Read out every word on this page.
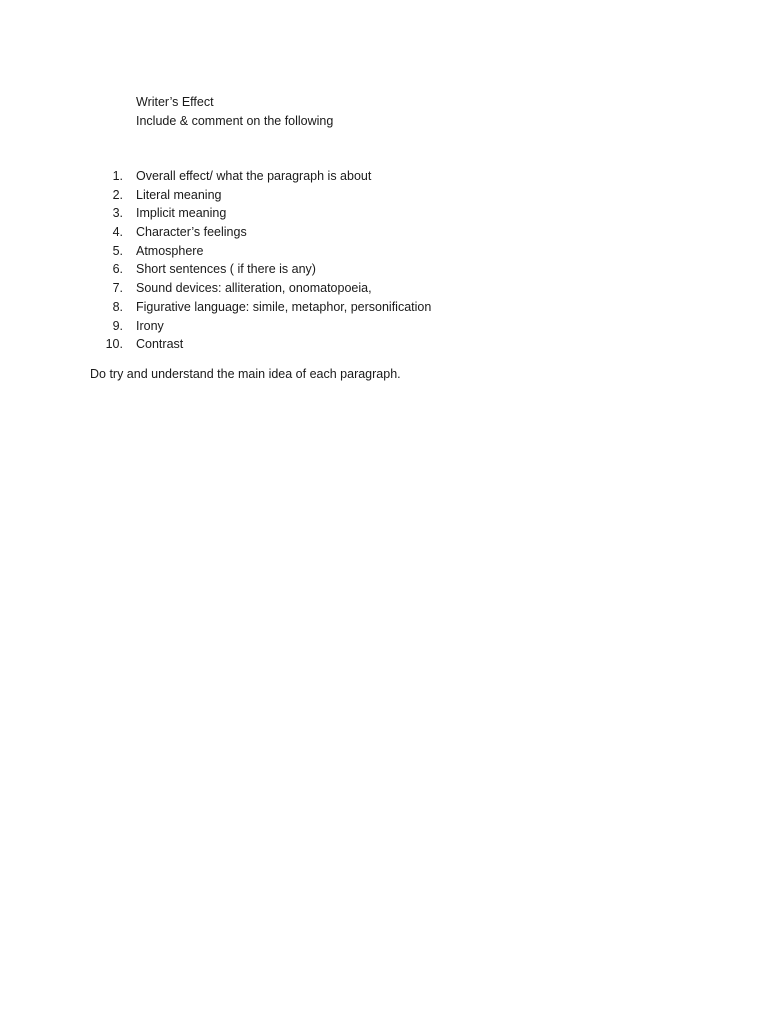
Writer’s Effect
Include & comment on the following
1. Overall effect/ what the paragraph is about
2. Literal meaning
3. Implicit meaning
4. Character’s feelings
5. Atmosphere
6. Short sentences ( if there is any)
7. Sound devices: alliteration, onomatopoeia,
8. Figurative language: simile, metaphor, personification
9. Irony
10. Contrast
Do try and understand the main idea of each paragraph.
